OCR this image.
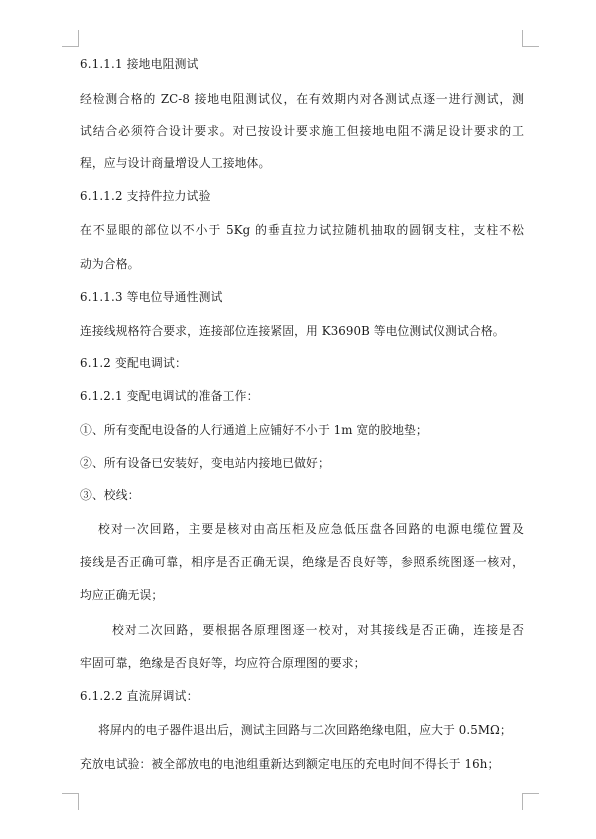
6.1.1.1 接地电阻测试
经检测合格的 ZC-8 接地电阻测试仪，在有效期内对各测试点逐一进行测试，测
试结合必须符合设计要求。对已按设计要求施工但接地电阻不满足设计要求的工
程，应与设计商量增设人工接地体。
6.1.1.2 支持件拉力试验
在不显眼的部位以不小于 5Kg 的垂直拉力试拉随机抽取的圆钢支柱，支柱不松
动为合格。
6.1.1.3 等电位导通性测试
连接线规格符合要求，连接部位连接紧固，用 K3690B 等电位测试仪测试合格。
6.1.2 变配电调试：
6.1.2.1 变配电调试的准备工作：
①、所有变配电设备的人行通道上应铺好不小于 1m 宽的胶地垫；
②、所有设备已安装好，变电站内接地已做好；
③、校线：
校对一次回路，主要是核对由高压柜及应急低压盘各回路的电源电缆位置及
接线是否正确可靠，相序是否正确无误，绝缘是否良好等，参照系统图逐一核对，
均应正确无误；
校对二次回路，要根据各原理图逐一校对，对其接线是否正确，连接是否
牢固可靠，绝缘是否良好等，均应符合原理图的要求；
6.1.2.2 直流屏调试：
将屏内的电子器件退出后，测试主回路与二次回路绝缘电阻，应大于 0.5MΩ；
充放电试验：被全部放电的电池组重新达到额定电压的充电时间不得长于 16h；
